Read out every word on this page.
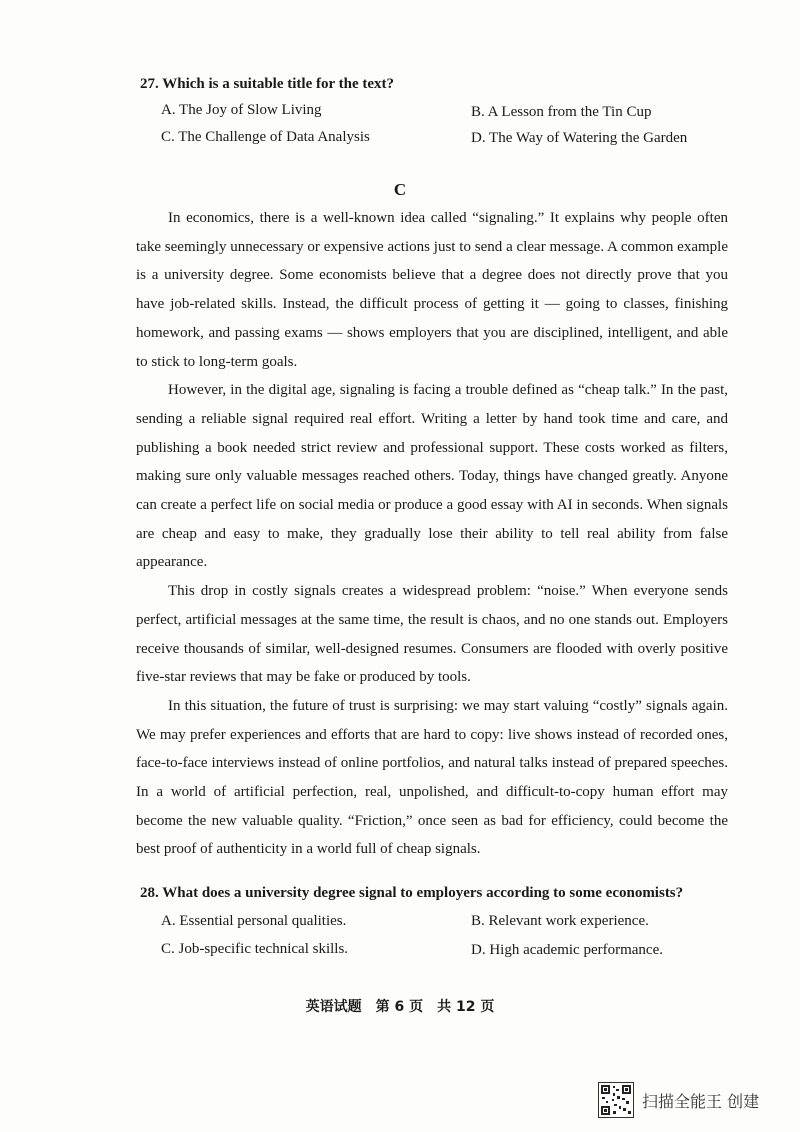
27. Which is a suitable title for the text?
A. The Joy of Slow Living	B. A Lesson from the Tin Cup
C. The Challenge of Data Analysis	D. The Way of Watering the Garden
C

In economics, there is a well-known idea called “signaling.” It explains why people often take seemingly unnecessary or expensive actions just to send a clear message. A common example is a university degree. Some economists believe that a degree does not directly prove that you have job-related skills. Instead, the difficult process of getting it — going to classes, finishing homework, and passing exams — shows employers that you are disciplined, intelligent, and able to stick to long-term goals.

However, in the digital age, signaling is facing a trouble defined as “cheap talk.” In the past, sending a reliable signal required real effort. Writing a letter by hand took time and care, and publishing a book needed strict review and professional support. These costs worked as filters, making sure only valuable messages reached others. Today, things have changed greatly. Anyone can create a perfect life on social media or produce a good essay with AI in seconds. When signals are cheap and easy to make, they gradually lose their ability to tell real ability from false appearance.

This drop in costly signals creates a widespread problem: “noise.” When everyone sends perfect, artificial messages at the same time, the result is chaos, and no one stands out. Employers receive thousands of similar, well-designed resumes. Consumers are flooded with overly positive five-star reviews that may be fake or produced by tools.

In this situation, the future of trust is surprising: we may start valuing “costly” signals again. We may prefer experiences and efforts that are hard to copy: live shows instead of recorded ones, face-to-face interviews instead of online portfolios, and natural talks instead of prepared speeches. In a world of artificial perfection, real, unpolished, and difficult-to-copy human effort may become the new valuable quality. “Friction,” once seen as bad for efficiency, could become the best proof of authenticity in a world full of cheap signals.

28. What does a university degree signal to employers according to some economists?
A. Essential personal qualities.	B. Relevant work experience.
C. Job-specific technical skills.	D. High academic performance.
英语试题　第 6 页　共 12 页
扫描全能王 创建
